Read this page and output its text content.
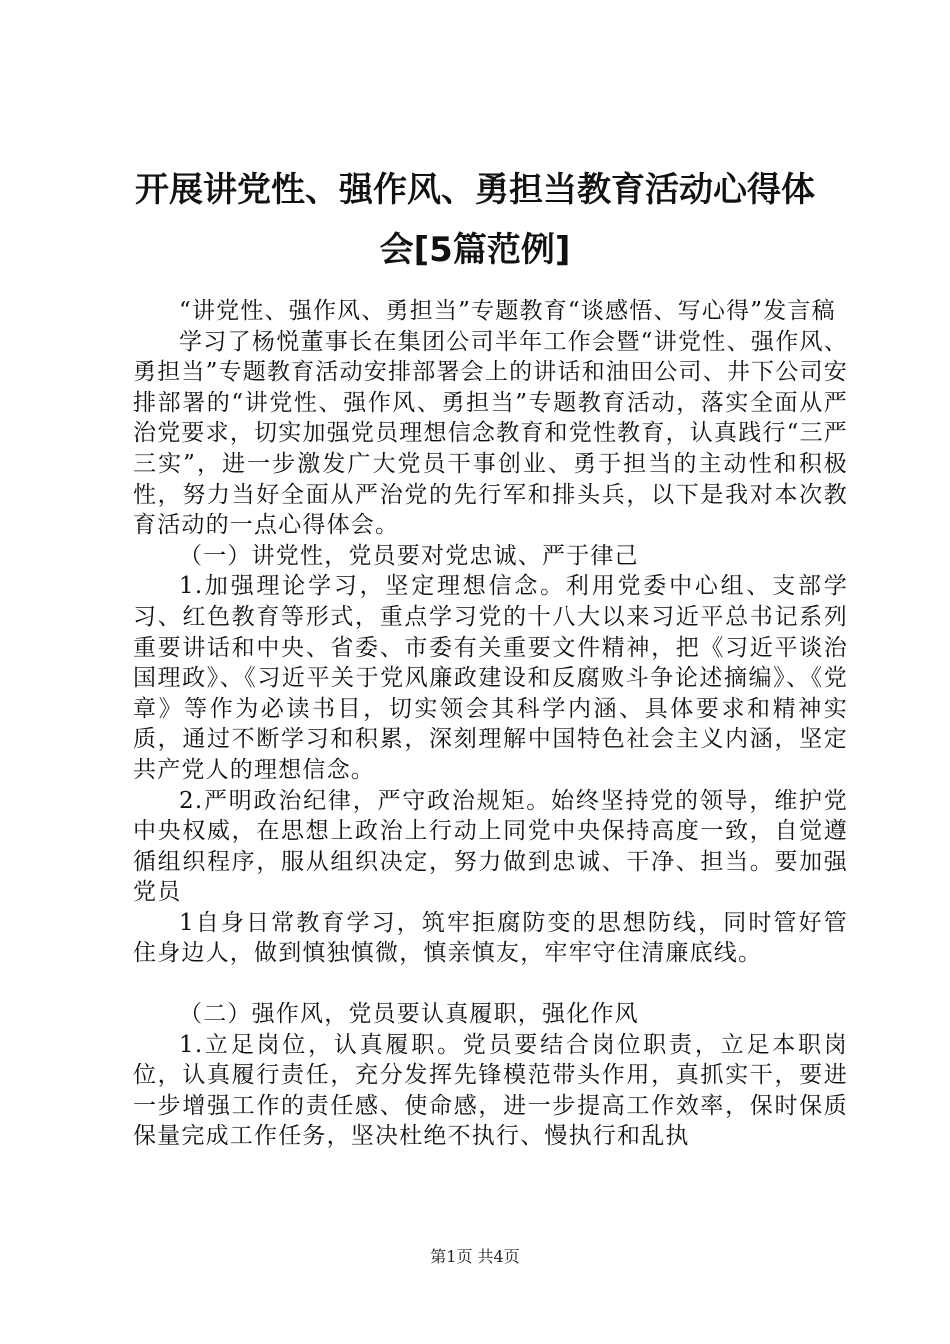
开展讲党性、强作风、勇担当教育活动心得体
会[5篇范例]

“讲党性、强作风、勇担当”专题教育“谈感悟、写心得”发言稿

学习了杨悦董事长在集团公司半年工作会暨“讲党性、强作风、勇担当”专题教育活动安排部署会上的讲话和油田公司、井下公司安排部署的“讲党性、强作风、勇担当”专题教育活动，落实全面从严治党要求，切实加强党员理想信念教育和党性教育，认真践行“三严三实”，进一步激发广大党员干事创业、勇于担当的主动性和积极性，努力当好全面从严治党的先行军和排头兵，以下是我对本次教育活动的一点心得体会。

（一）讲党性，党员要对党忠诚、严于律己

1.加强理论学习，坚定理想信念。利用党委中心组、支部学习、红色教育等形式，重点学习党的十八大以来习近平总书记系列重要讲话和中央、省委、市委有关重要文件精神，把《习近平谈治国理政》、《习近平关于党风廉政建设和反腐败斗争论述摘编》、《党章》等作为必读书目，切实领会其科学内涵、具体要求和精神实质，通过不断学习和积累，深刻理解中国特色社会主义内涵，坚定共产党人的理想信念。

2.严明政治纪律，严守政治规矩。始终坚持党的领导，维护党中央权威，在思想上政治上行动上同党中央保持高度一致，自觉遵循组织程序，服从组织决定，努力做到忠诚、干净、担当。要加强党员

1自身日常教育学习，筑牢拒腐防变的思想防线，同时管好管住身边人，做到慎独慎微，慎亲慎友，牢牢守住清廉底线。

（二）强作风，党员要认真履职，强化作风

1.立足岗位，认真履职。党员要结合岗位职责，立足本职岗位，认真履行责任，充分发挥先锋模范带头作用，真抓实干，要进一步增强工作的责任感、使命感，进一步提高工作效率，保时保质保量完成工作任务，坚决杜绝不执行、慢执行和乱执

第1页 共4页
